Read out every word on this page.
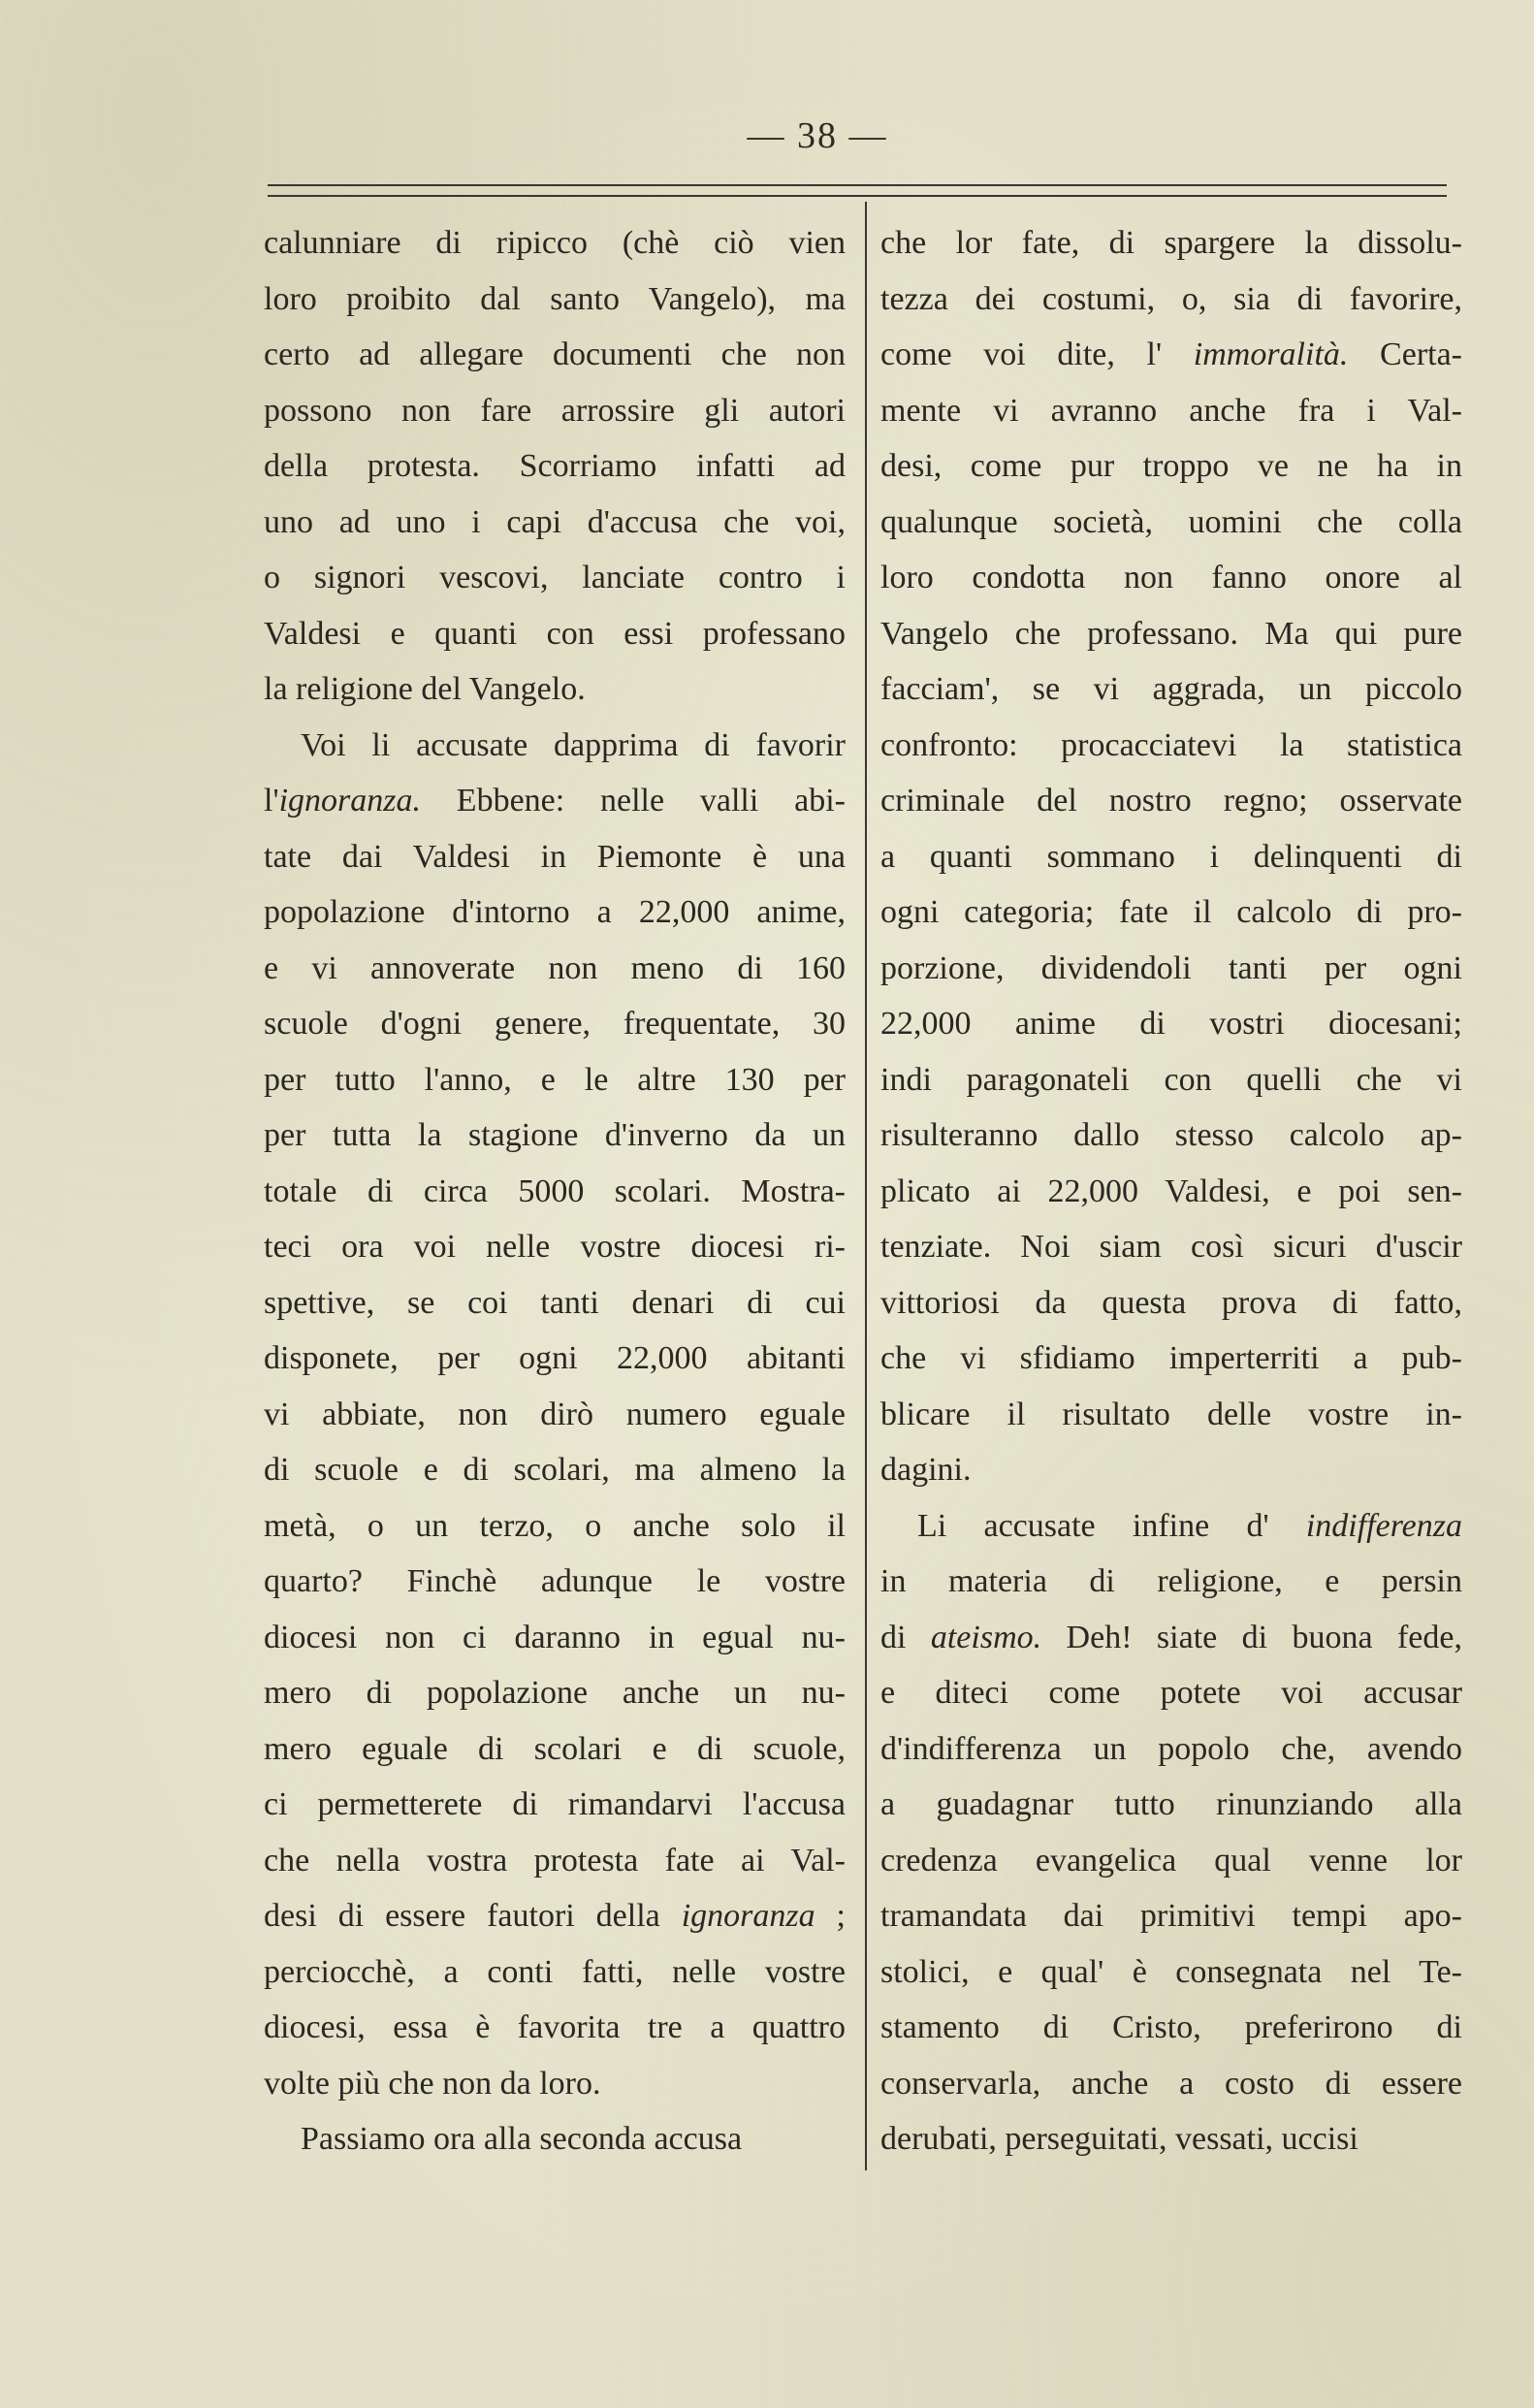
— 38 —
calunniare di ripicco (chè ciò vien
loro proibito dal santo Vangelo), ma
certo ad allegare documenti che non
possono non fare arrossire gli autori
della protesta. Scorriamo infatti ad
uno ad uno i capi d'accusa che voi,
o signori vescovi, lanciate contro i
Valdesi e quanti con essi professano
la religione del Vangelo.
Voi li accusate dapprima di favorir
l'ignoranza. Ebbene: nelle valli abi-
tate dai Valdesi in Piemonte è una
popolazione d'intorno a 22,000 anime,
e vi annoverate non meno di 160
scuole d'ogni genere, frequentate, 30
per tutto l'anno, e le altre 130 per
per tutta la stagione d'inverno da un
totale di circa 5000 scolari. Mostra-
teci ora voi nelle vostre diocesi ri-
spettive, se coi tanti denari di cui
disponete, per ogni 22,000 abitanti
vi abbiate, non dirò numero eguale
di scuole e di scolari, ma almeno la
metà, o un terzo, o anche solo il
quarto? Finchè adunque le vostre
diocesi non ci daranno in egual nu-
mero di popolazione anche un nu-
mero eguale di scolari e di scuole,
ci permetterete di rimandarvi l'accusa
che nella vostra protesta fate ai Val-
desi di essere fautori della ignoranza ;
perciocchè, a conti fatti, nelle vostre
diocesi, essa è favorita tre a quattro
volte più che non da loro.
Passiamo ora alla seconda accusa
che lor fate, di spargere la dissolu-
tezza dei costumi, o, sia di favorire,
come voi dite, l' immoralità. Certa-
mente vi avranno anche fra i Val-
desi, come pur troppo ve ne ha in
qualunque società, uomini che colla
loro condotta non fanno onore al
Vangelo che professano. Ma qui pure
facciam', se vi aggrada, un piccolo
confronto: procacciatevi la statistica
criminale del nostro regno; osservate
a quanti sommano i delinquenti di
ogni categoria; fate il calcolo di pro-
porzione, dividendoli tanti per ogni
22,000 anime di vostri diocesani;
indi paragonateli con quelli che vi
risulteranno dallo stesso calcolo ap-
plicato ai 22,000 Valdesi, e poi sen-
tenziate. Noi siam così sicuri d'uscir
vittoriosi da questa prova di fatto,
che vi sfidiamo imperterriti a pub-
blicare il risultato delle vostre in-
dagini.
Li accusate infine d' indifferenza
in materia di religione, e persin
di ateismo. Deh! siate di buona fede,
e diteci come potete voi accusar
d'indifferenza un popolo che, avendo
a guadagnar tutto rinunziando alla
credenza evangelica qual venne lor
tramandata dai primitivi tempi apo-
stolici, e qual' è consegnata nel Te-
stamento di Cristo, preferirono di
conservarla, anche a costo di essere
derubati, perseguitati, vessati, uccisi
